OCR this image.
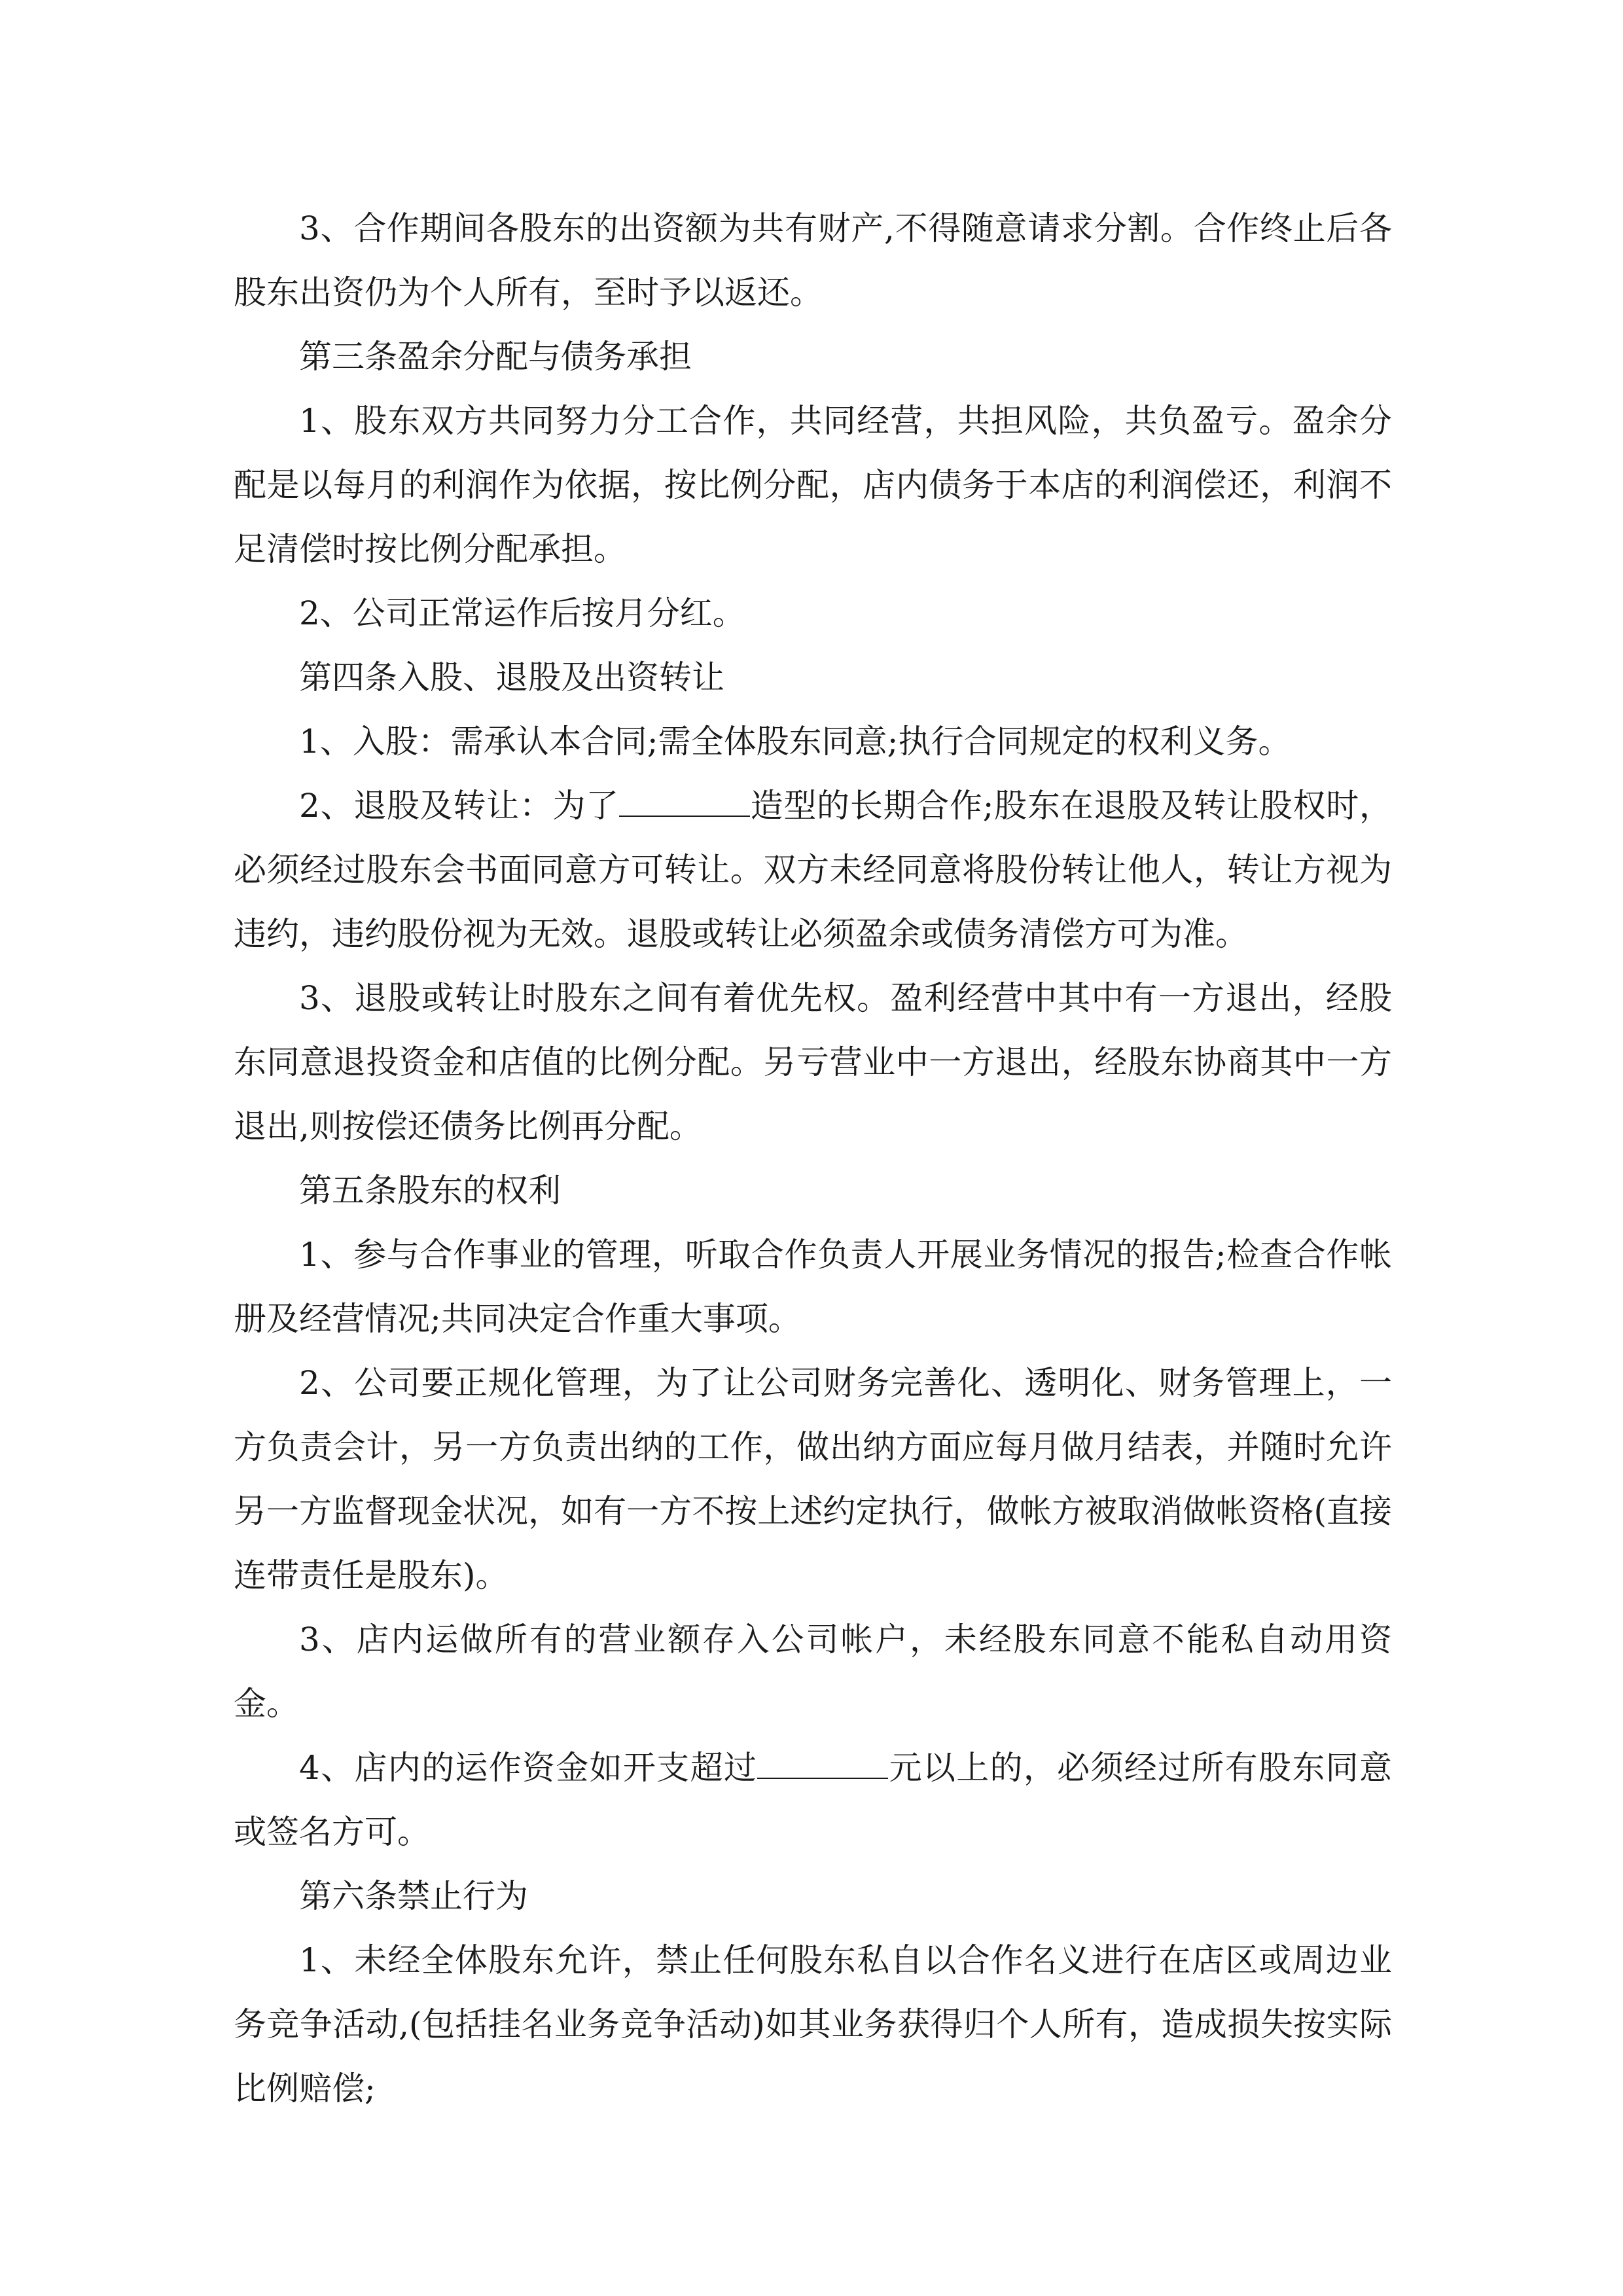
3、合作期间各股东的出资额为共有财产,不得随意请求分割。合作终止后各股东出资仍为个人所有，至时予以返还。

第三条盈余分配与债务承担

1、股东双方共同努力分工合作，共同经营，共担风险，共负盈亏。盈余分配是以每月的利润作为依据，按比例分配，店内债务于本店的利润偿还，利润不足清偿时按比例分配承担。

2、公司正常运作后按月分红。

第四条入股、退股及出资转让

1、入股：需承认本合同;需全体股东同意;执行合同规定的权利义务。

2、退股及转让：为了	造型的长期合作;股东在退股及转让股权时，必须经过股东会书面同意方可转让。双方未经同意将股份转让他人，转让方视为违约，违约股份视为无效。退股或转让必须盈余或债务清偿方可为准。

3、退股或转让时股东之间有着优先权。盈利经营中其中有一方退出，经股东同意退投资金和店值的比例分配。另亏营业中一方退出，经股东协商其中一方退出,则按偿还债务比例再分配。

第五条股东的权利

1、参与合作事业的管理，听取合作负责人开展业务情况的报告;检查合作帐册及经营情况;共同决定合作重大事项。

2、公司要正规化管理，为了让公司财务完善化、透明化、财务管理上，一方负责会计，另一方负责出纳的工作，做出纳方面应每月做月结表，并随时允许另一方监督现金状况，如有一方不按上述约定执行，做帐方被取消做帐资格(直接连带责任是股东)。

3、店内运做所有的营业额存入公司帐户，未经股东同意不能私自动用资金。

4、店内的运作资金如开支超过	元以上的，必须经过所有股东同意或签名方可。

第六条禁止行为

1、未经全体股东允许，禁止任何股东私自以合作名义进行在店区或周边业务竞争活动,(包括挂名业务竞争活动)如其业务获得归个人所有，造成损失按实际比例赔偿;
